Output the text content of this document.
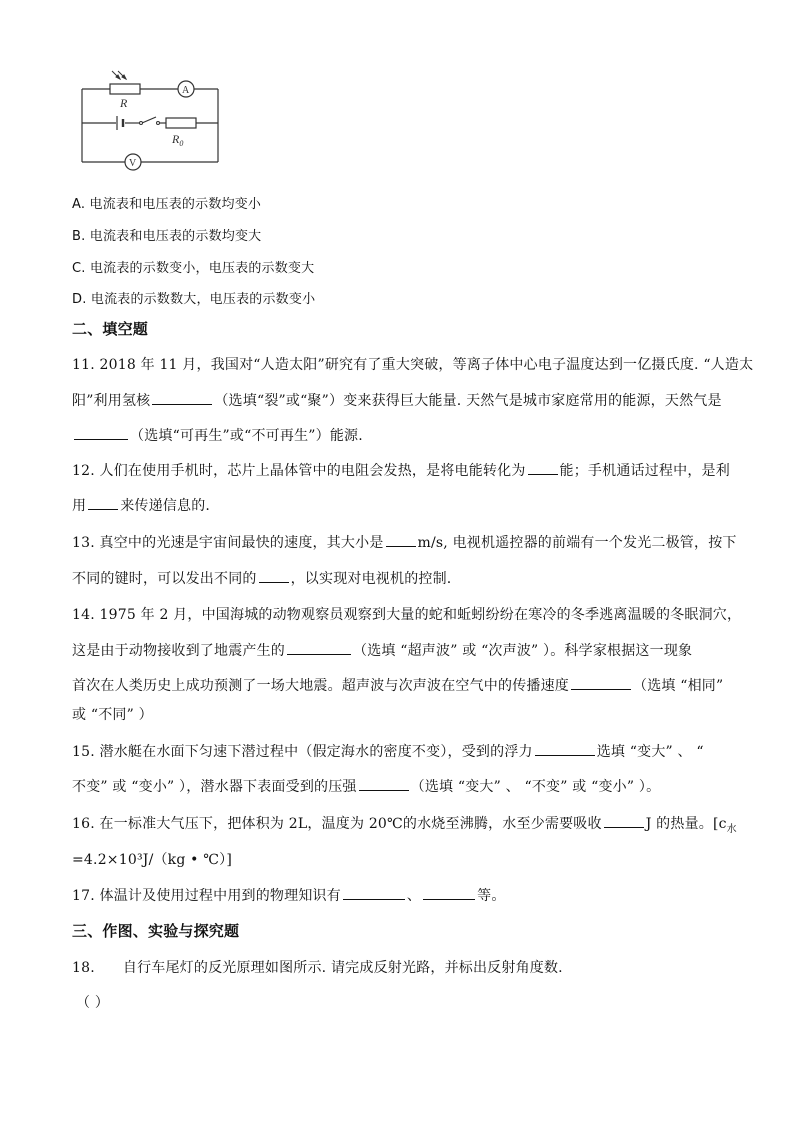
R
A
$R_0$
V
A. 电流表和电压表的示数均变小
B. 电流表和电压表的示数均变大
C. 电流表的示数变小，电压表的示数变大
D. 电流表的示数数大，电压表的示数变小
二、填空题
11. 2018 年 11 月，我国对“人造太阳”研究有了重大突破，等离子体中心电子温度达到一亿摄氏度. “人造太
阳”利用氢核	（选填“裂”或“聚”）变来获得巨大能量. 天然气是城市家庭常用的能源，天然气是
（选填“可再生”或“不可再生”）能源.
12. 人们在使用手机时，芯片上晶体管中的电阻会发热，是将电能转化为 能；手机通话过程中，是利
用 来传递信息的.
13. 真空中的光速是宇宙间最快的速度，其大小是 m/s, 电视机遥控器的前端有一个发光二极管，按下
不同的键时，可以发出不同的 ，以实现对电视机的控制.
14. 1975 年 2 月，中国海城的动物观察员观察到大量的蛇和蚯蚓纷纷在寒冷的冬季逃离温暖的冬眠洞穴，
这是由于动物接收到了地震产生的	（选填 “超声波” 或 “次声波” ）。科学家根据这一现象
首次在人类历史上成功预测了一场大地震。超声波与次声波在空气中的传播速度	（选填 “相同”
或 “不同” ）
15. 潜水艇在水面下匀速下潜过程中（假定海水的密度不变），受到的浮力	选填 “变大” 、 “
不变” 或 “变小” ），潜水器下表面受到的压强	（选填 “变大” 、 “不变” 或 “变小” ）。
16. 在一标准大气压下，把体积为 2L，温度为 20℃的水烧至沸腾，水至少需要吸收	J 的热量。[$c_水$
=4.2×10³J/（kg • ℃）]
17. 体温计及使用过程中用到的物理知识有	、	等。
三、作图、实验与探究题
18. 自行车尾灯的反光原理如图所示. 请完成反射光路，并标出反射角度数.
（ ）
